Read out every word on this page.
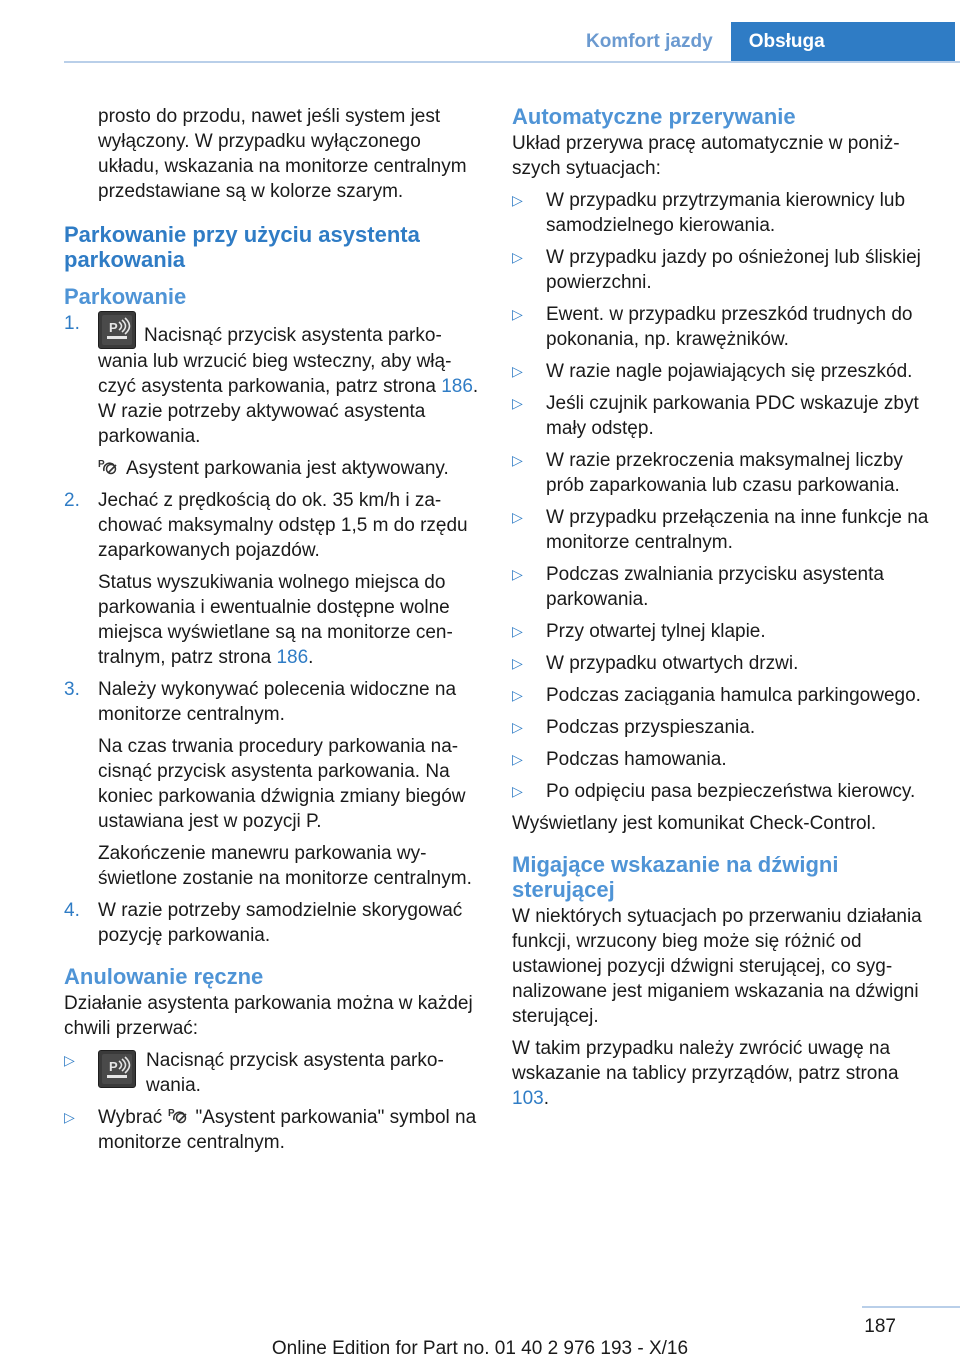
Komfort jazdy	Obsługa

prosto do przodu, nawet jeśli system jest wyłączony. W przypadku wyłączonego układu, wskazania na monitorze centralnym przedstawiane są w kolorze szarym.

Parkowanie przy użyciu asystenta parkowania
Parkowanie
1.	P Nacisnąć przycisk asystenta parkowania lub wrzucić bieg wsteczny, aby włączyć asystenta parkowania, patrz strona 186. W razie potrzeby aktywować asystenta parkowania.

P Asystent parkowania jest aktywowany.

2. Jechać z prędkością do ok. 35 km/h i zachować maksymalny odstęp 1,5 m do rzędu zaparkowanych pojazdów.

Status wyszukiwania wolnego miejsca do parkowania i ewentualnie dostępne wolne miejsca wyświetlane są na monitorze centralnym, patrz strona 186.

3. Należy wykonywać polecenia widoczne na monitorze centralnym.

Na czas trwania procedury parkowania nacisnąć przycisk asystenta parkowania. Na koniec parkowania dźwignia zmiany biegów ustawiana jest w pozycji P.

Zakończenie manewru parkowania wyświetlone zostanie na monitorze centralnym.

4. W razie potrzeby samodzielnie skorygować pozycję parkowania.

Anulowanie ręczne

Działanie asystenta parkowania można w każdej chwili przerwać:

▷	P Nacisnąć przycisk asystenta parkowania.
▷	Wybrać P "Asystent parkowania" symbol na monitorze centralnym.
Automatyczne przerywanie

Układ przerywa pracę automatycznie w poniższych sytuacjach:

▷	W przypadku przytrzymania kierownicy lub samodzielnego kierowania.
▷	W przypadku jazdy po ośnieżonej lub śliskiej powierzchni.
▷	Ewent. w przypadku przeszkód trudnych do pokonania, np. krawężników.
▷	W razie nagle pojawiających się przeszkód.
▷	Jeśli czujnik parkowania PDC wskazuje zbyt mały odstęp.
▷	W razie przekroczenia maksymalnej liczby prób zaparkowania lub czasu parkowania.
▷	W przypadku przełączenia na inne funkcje na monitorze centralnym.
▷	Podczas zwalniania przycisku asystenta parkowania.
▷	Przy otwartej tylnej klapie.
▷	W przypadku otwartych drzwi.
▷	Podczas zaciągania hamulca parkingowego.
▷	Podczas przyspieszania.
▷	Podczas hamowania.
▷	Po odpięciu pasa bezpieczeństwa kierowcy.

Wyświetlany jest komunikat Check-Control.

Migające wskazanie na dźwigni sterującej

W niektórych sytuacjach po przerwaniu działania funkcji, wrzucony bieg może się różnić od ustawionej pozycji dźwigni sterującej, co sygnalizowane jest miganiem wskazania na dźwigni sterującej.

W takim przypadku należy zwrócić uwagę na wskazanie na tablicy przyrządów, patrz strona 103.

187
Online Edition for Part no. 01 40 2 976 193 - X/16
